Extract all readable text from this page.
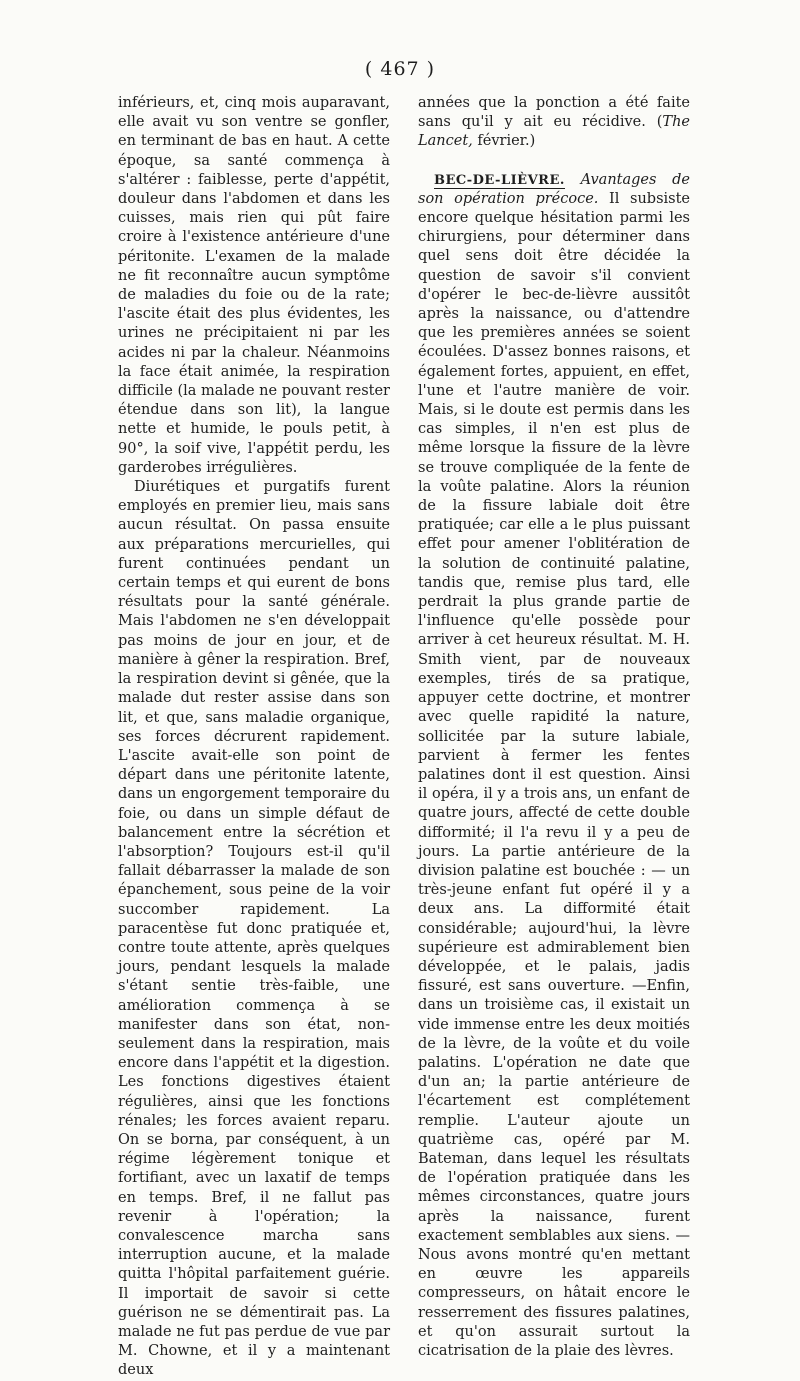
( 467 )

inférieurs, et, cinq mois auparavant, elle avait vu son ventre se gonfler, en terminant de bas en haut. A cette époque, sa santé commença à s'altérer : faiblesse, perte d'appétit, douleur dans l'abdomen et dans les cuisses, mais rien qui pût faire croire à l'existence antérieure d'une péritonite. L'examen de la malade ne fit reconnaître aucun symptôme de maladies du foie ou de la rate; l'ascite était des plus évidentes, les urines ne précipitaient ni par les acides ni par la chaleur. Néanmoins la face était animée, la respiration difficile (la malade ne pouvant rester étendue dans son lit), la langue nette et humide, le pouls petit, à 90°, la soif vive, l'appétit perdu, les garderobes irrégulières.

Diurétiques et purgatifs furent employés en premier lieu, mais sans aucun résultat. On passa ensuite aux préparations mercurielles, qui furent continuées pendant un certain temps et qui eurent de bons résultats pour la santé générale. Mais l'abdomen ne s'en développait pas moins de jour en jour, et de manière à gêner la respiration. Bref, la respiration devint si gênée, que la malade dut rester assise dans son lit, et que, sans maladie organique, ses forces décrurent rapidement. L'ascite avait-elle son point de départ dans une péritonite latente, dans un engorgement temporaire du foie, ou dans un simple défaut de balancement entre la sécrétion et l'absorption? Toujours est-il qu'il fallait débarrasser la malade de son épanchement, sous peine de la voir succomber rapidement. La paracentèse fut donc pratiquée et, contre toute attente, après quelques jours, pendant lesquels la malade s'étant sentie très-faible, une amélioration commença à se manifester dans son état, non-seulement dans la respiration, mais encore dans l'appétit et la digestion. Les fonctions digestives étaient régulières, ainsi que les fonctions rénales; les forces avaient reparu. On se borna, par conséquent, à un régime légèrement tonique et fortifiant, avec un laxatif de temps en temps. Bref, il ne fallut pas revenir à l'opération; la convalescence marcha sans interruption aucune, et la malade quitta l'hôpital parfaitement guérie. Il importait de savoir si cette guérison ne se démentirait pas. La malade ne fut pas perdue de vue par M. Chowne, et il y a maintenant deux

années que la ponction a été faite sans qu'il y ait eu récidive. (The Lancet, février.)

BEC-DE-LIÈVRE. Avantages de son opération précoce. Il subsiste encore quelque hésitation parmi les chirurgiens, pour déterminer dans quel sens doit être décidée la question de savoir s'il convient d'opérer le bec-de-lièvre aussitôt après la naissance, ou d'attendre que les premières années se soient écoulées. D'assez bonnes raisons, et également fortes, appuient, en effet, l'une et l'autre manière de voir. Mais, si le doute est permis dans les cas simples, il n'en est plus de même lorsque la fissure de la lèvre se trouve compliquée de la fente de la voûte palatine. Alors la réunion de la fissure labiale doit être pratiquée; car elle a le plus puissant effet pour amener l'oblitération de la solution de continuité palatine, tandis que, remise plus tard, elle perdrait la plus grande partie de l'influence qu'elle possède pour arriver à cet heureux résultat. M. H. Smith vient, par de nouveaux exemples, tirés de sa pratique, appuyer cette doctrine, et montrer avec quelle rapidité la nature, sollicitée par la suture labiale, parvient à fermer les fentes palatines dont il est question. Ainsi il opéra, il y a trois ans, un enfant de quatre jours, affecté de cette double difformité; il l'a revu il y a peu de jours. La partie antérieure de la division palatine est bouchée : — un très-jeune enfant fut opéré il y a deux ans. La difformité était considérable; aujourd'hui, la lèvre supérieure est admirablement bien développée, et le palais, jadis fissuré, est sans ouverture. —Enfin, dans un troisième cas, il existait un vide immense entre les deux moitiés de la lèvre, de la voûte et du voile palatins. L'opération ne date que d'un an; la partie antérieure de l'écartement est complétement remplie. L'auteur ajoute un quatrième cas, opéré par M. Bateman, dans lequel les résultats de l'opération pratiquée dans les mêmes circonstances, quatre jours après la naissance, furent exactement semblables aux siens. —Nous avons montré qu'en mettant en œuvre les appareils compresseurs, on hâtait encore le resserrement des fissures palatines, et qu'on assurait surtout la cicatrisation de la plaie des lèvres.
